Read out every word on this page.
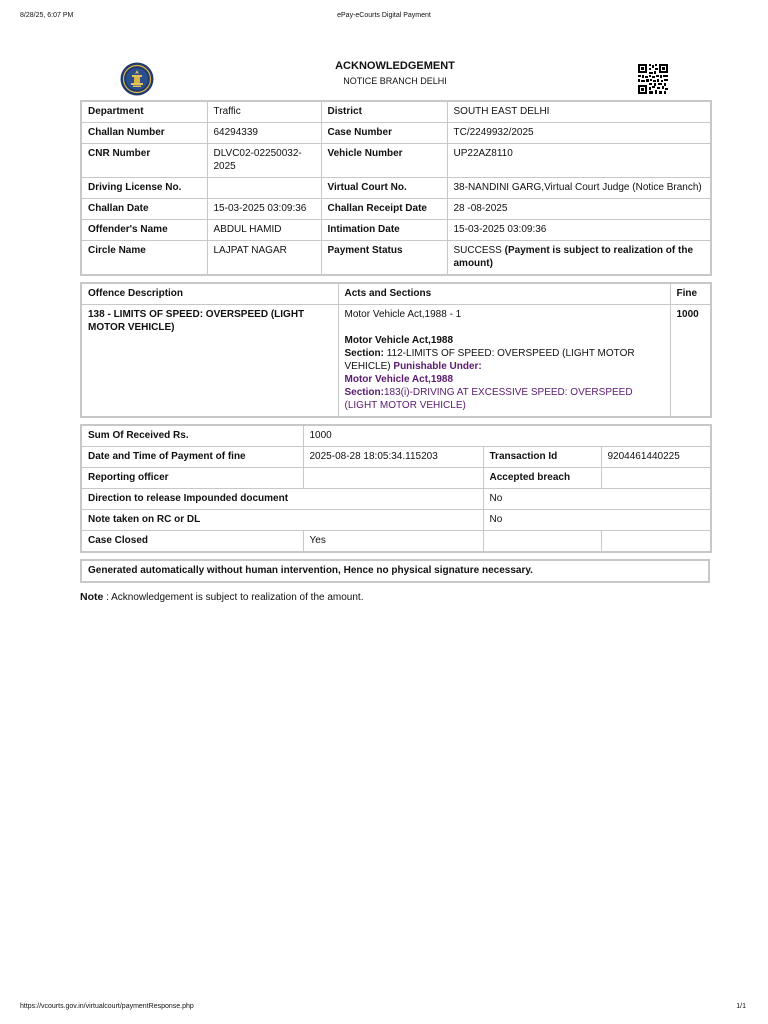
8/28/25, 6:07 PM	ePay-eCourts Digital Payment
ACKNOWLEDGEMENT
NOTICE BRANCH DELHI
Department	Traffic	District	SOUTH EAST DELHI
Challan Number	64294339	Case Number	TC/2249932/2025
CNR Number	DLVC02-02250032-2025	Vehicle Number	UP22AZ8110
Driving License No.		Virtual Court No.	38-NANDINI GARG,Virtual Court Judge (Notice Branch)
Challan Date	15-03-2025 03:09:36	Challan Receipt Date	28 -08-2025
Offender's Name	ABDUL HAMID	Intimation Date	15-03-2025 03:09:36
Circle Name	LAJPAT NAGAR	Payment Status	SUCCESS (Payment is subject to realization of the amount)
Offence Description	Acts and Sections	Fine
138 - LIMITS OF SPEED: OVERSPEED (LIGHT MOTOR VEHICLE)	Motor Vehicle Act,1988 - 1
Motor Vehicle Act,1988
Section: 112-LIMITS OF SPEED: OVERSPEED (LIGHT MOTOR VEHICLE) Punishable Under:
Motor Vehicle Act,1988
Section:183(i)-DRIVING AT EXCESSIVE SPEED: OVERSPEED (LIGHT MOTOR VEHICLE)	1000
Sum Of Received Rs.	1000		
Date and Time of Payment of fine	2025-08-28 18:05:34.115203	Transaction Id	9204461440225
Reporting officer		Accepted breach	
Direction to release Impounded document		No	
Note taken on RC or DL		No	
Case Closed	Yes		
Generated automatically without human intervention, Hence no physical signature necessary.
Note : Acknowledgement is subject to realization of the amount.
https://vcourts.gov.in/virtualcourt/paymentResponse.php	1/1
